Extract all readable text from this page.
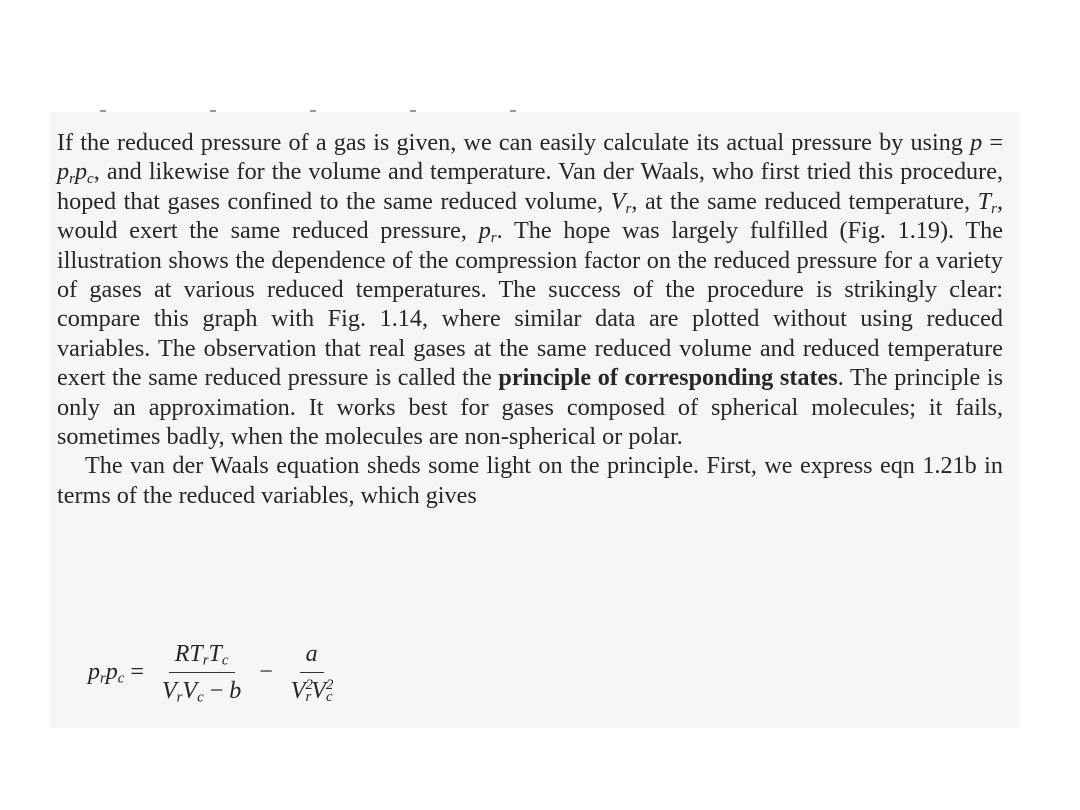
If the reduced pressure of a gas is given, we can easily calculate its actual pressure by using $p = p_rp_c$, and likewise for the volume and temperature. Van der Waals, who first tried this procedure, hoped that gases confined to the same reduced volume, $V_r$, at the same reduced temperature, $T_r$, would exert the same reduced pressure, $p_r$. The hope was largely fulfilled (Fig. 1.19). The illustration shows the dependence of the compression factor on the reduced pressure for a variety of gases at various reduced temperatures. The success of the procedure is strikingly clear: compare this graph with Fig. 1.14, where similar data are plotted without using reduced variables. The observation that real gases at the same reduced volume and reduced temperature exert the same reduced pressure is called the principle of corresponding states. The principle is only an approximation. It works best for gases composed of spherical molecules; it fails, sometimes badly, when the molecules are non-spherical or polar.

The van der Waals equation sheds some light on the principle. First, we express eqn 1.21b in terms of the reduced variables, which gives

$p_rp_c = \frac{RT_rT_c}{V_rV_c - b} - \frac{a}{V^2_rV^2_c}$
